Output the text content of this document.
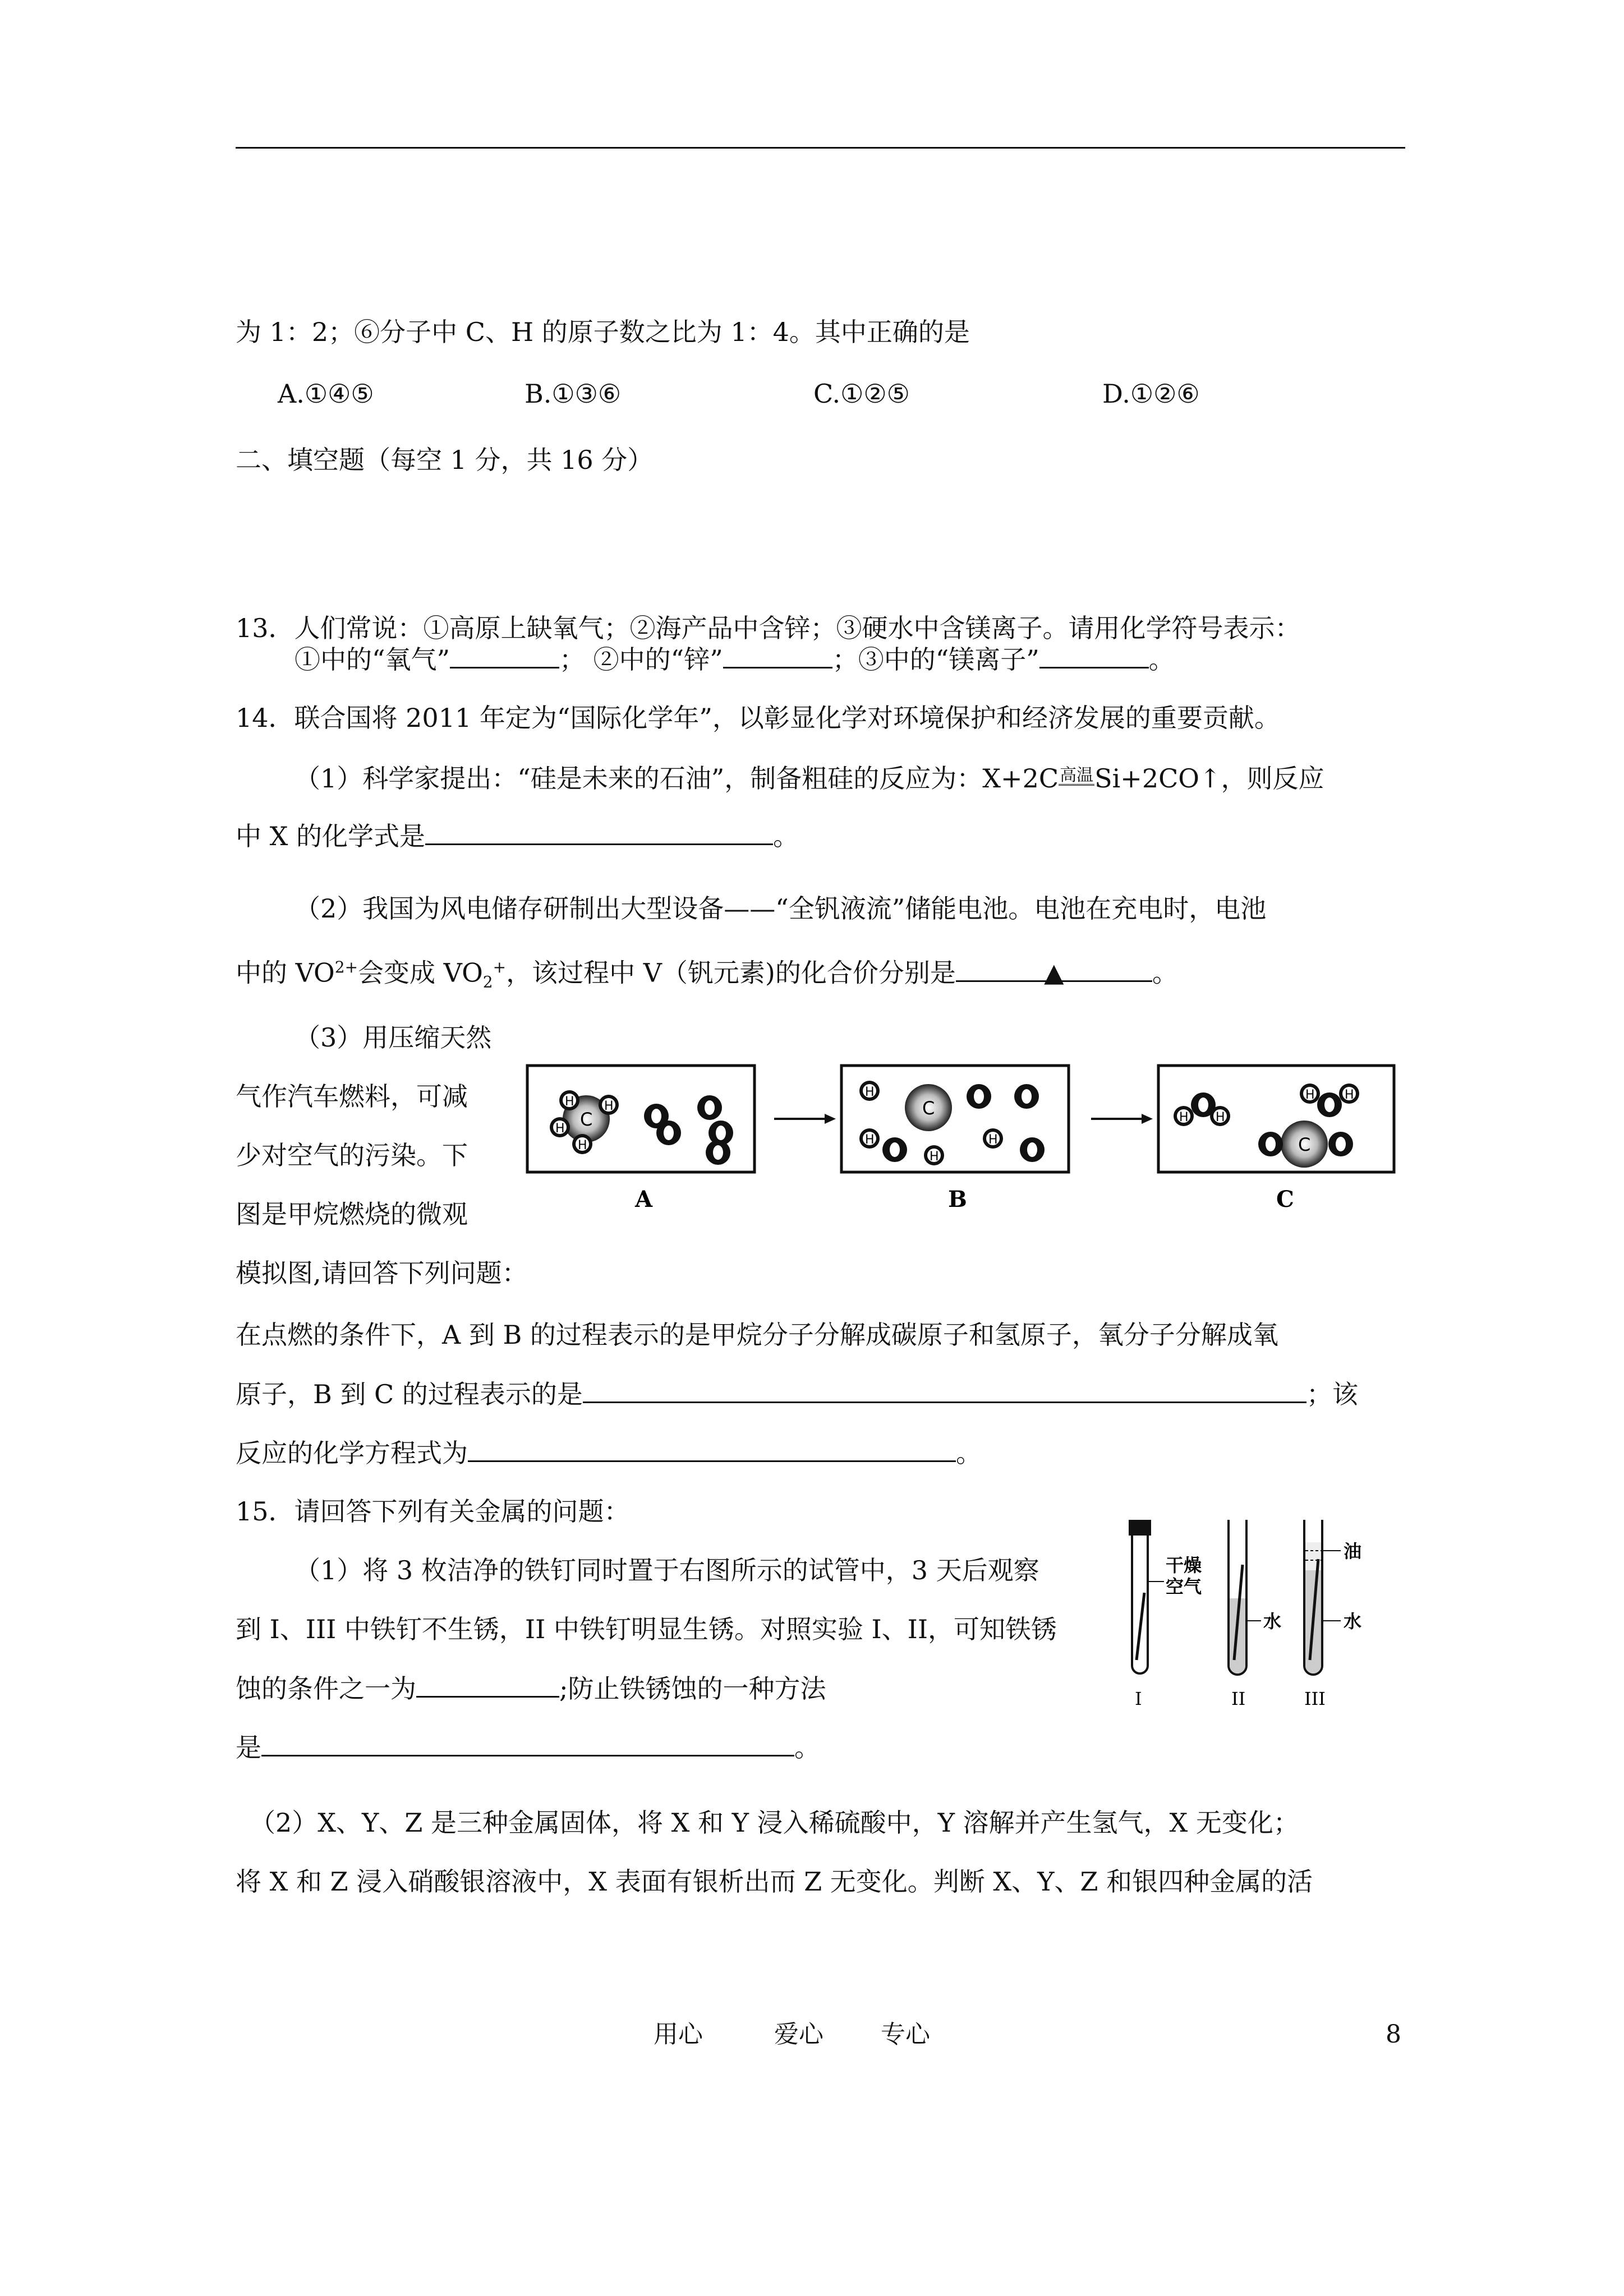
为 1：2；⑥分子中 C、H 的原子数之比为 1：4。其中正确的是
A.①④⑤	B.①③⑥	C.①②⑤	D.①②⑥
二、填空题（每空 1 分，共 16 分）
13．人们常说：①高原上缺氧气；②海产品中含锌；③硬水中含镁离子。请用化学符号表示：
①中的“氧气”	； ②中的“锌”	；③中的“镁离子”	。
14．联合国将 2011 年定为“国际化学年”，以彰显化学对环境保护和经济发展的重要贡献。
（1）科学家提出：“硅是未来的石油”，制备粗硅的反应为：X+2C高温Si+2CO↑，则反应
中 X 的化学式是	。
（2）我国为风电储存研制出大型设备——“全钒液流”储能电池。电池在充电时，电池
中的 $VO^{2+}$会变成 $VO_2^+$，该过程中 V（钒元素)的化合价分别是	▲	。
（3）用压缩天然
气作汽车燃料，可减
少对空气的污染。下
图是甲烷燃烧的微观
C
H H
H
H
C
H
H	H
H
H H
C
H H
A	B	C
模拟图,请回答下列问题：
在点燃的条件下，A 到 B 的过程表示的是甲烷分子分解成碳原子和氢原子，氧分子分解成氧
原子，B 到 C 的过程表示的是	；该
反应的化学方程式为	。
15．请回答下列有关金属的问题：
（1）将 3 枚洁净的铁钉同时置于右图所示的试管中，3 天后观察
到 I、III 中铁钉不生锈，II 中铁钉明显生锈。对照实验 I、II，可知铁锈
蚀的条件之一为	;防止铁锈蚀的一种方法
是	。
干燥
空气
水
油
水
I	II	III
（2）X、Y、Z 是三种金属固体，将 X 和 Y 浸入稀硫酸中，Y 溶解并产生氢气，X 无变化；
将 X 和 Z 浸入硝酸银溶液中，X 表面有银析出而 Z 无变化。判断 X、Y、Z 和银四种金属的活
用心	爱心 专心	8
